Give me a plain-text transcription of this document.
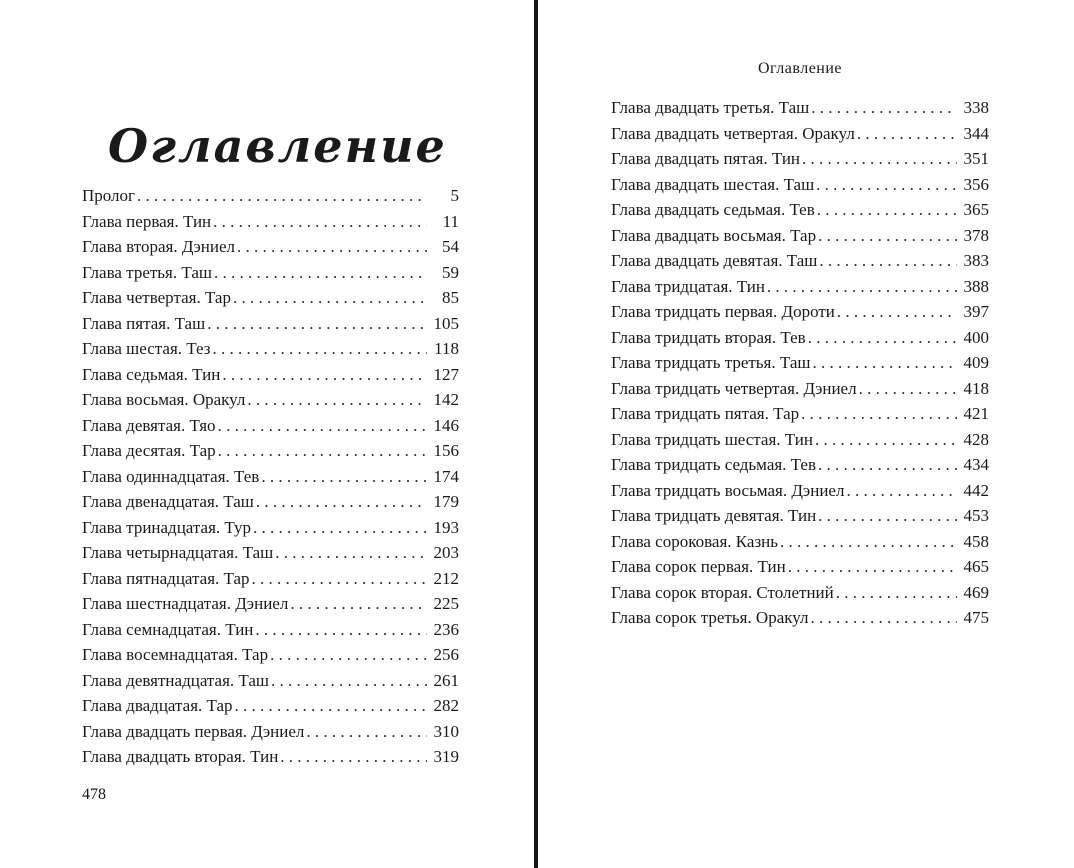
Оглавление
Пролог . . .	5
Глава первая. Тин . . .	11
Глава вторая. Дэниел . . .	54
Глава третья. Таш . . .	59
Глава четвертая. Тар . . .	85
Глава пятая. Таш . . .	105
Глава шестая. Тез . . .	118
Глава седьмая. Тин . . .	127
Глава восьмая. Оракул . . .	142
Глава девятая. Тяо . . .	146
Глава десятая. Тар . . .	156
Глава одиннадцатая. Тев . . .	174
Глава двенадцатая. Таш . . .	179
Глава тринадцатая. Тур . . .	193
Глава четырнадцатая. Таш . . .	203
Глава пятнадцатая. Тар . . .	212
Глава шестнадцатая. Дэниел . . .	225
Глава семнадцатая. Тин . . .	236
Глава восемнадцатая. Тар . . .	256
Глава девятнадцатая. Таш . . .	261
Глава двадцатая. Тар . . .	282
Глава двадцать первая. Дэниел . . .	310
Глава двадцать вторая. Тин . . .	319
478
Оглавление
Глава двадцать третья. Таш . . .	338
Глава двадцать четвертая. Оракул . . .	344
Глава двадцать пятая. Тин . . .	351
Глава двадцать шестая. Таш . . .	356
Глава двадцать седьмая. Тев . . .	365
Глава двадцать восьмая. Тар . . .	378
Глава двадцать девятая. Таш . . .	383
Глава тридцатая. Тин . . .	388
Глава тридцать первая. Дороти . . .	397
Глава тридцать вторая. Тев . . .	400
Глава тридцать третья. Таш . . .	409
Глава тридцать четвертая. Дэниел . . .	418
Глава тридцать пятая. Тар . . .	421
Глава тридцать шестая. Тин . . .	428
Глава тридцать седьмая. Тев . . .	434
Глава тридцать восьмая. Дэниел . . .	442
Глава тридцать девятая. Тин . . .	453
Глава сороковая. Казнь . . .	458
Глава сорок первая. Тин . . .	465
Глава сорок вторая. Столетний . . .	469
Глава сорок третья. Оракул . . .	475
